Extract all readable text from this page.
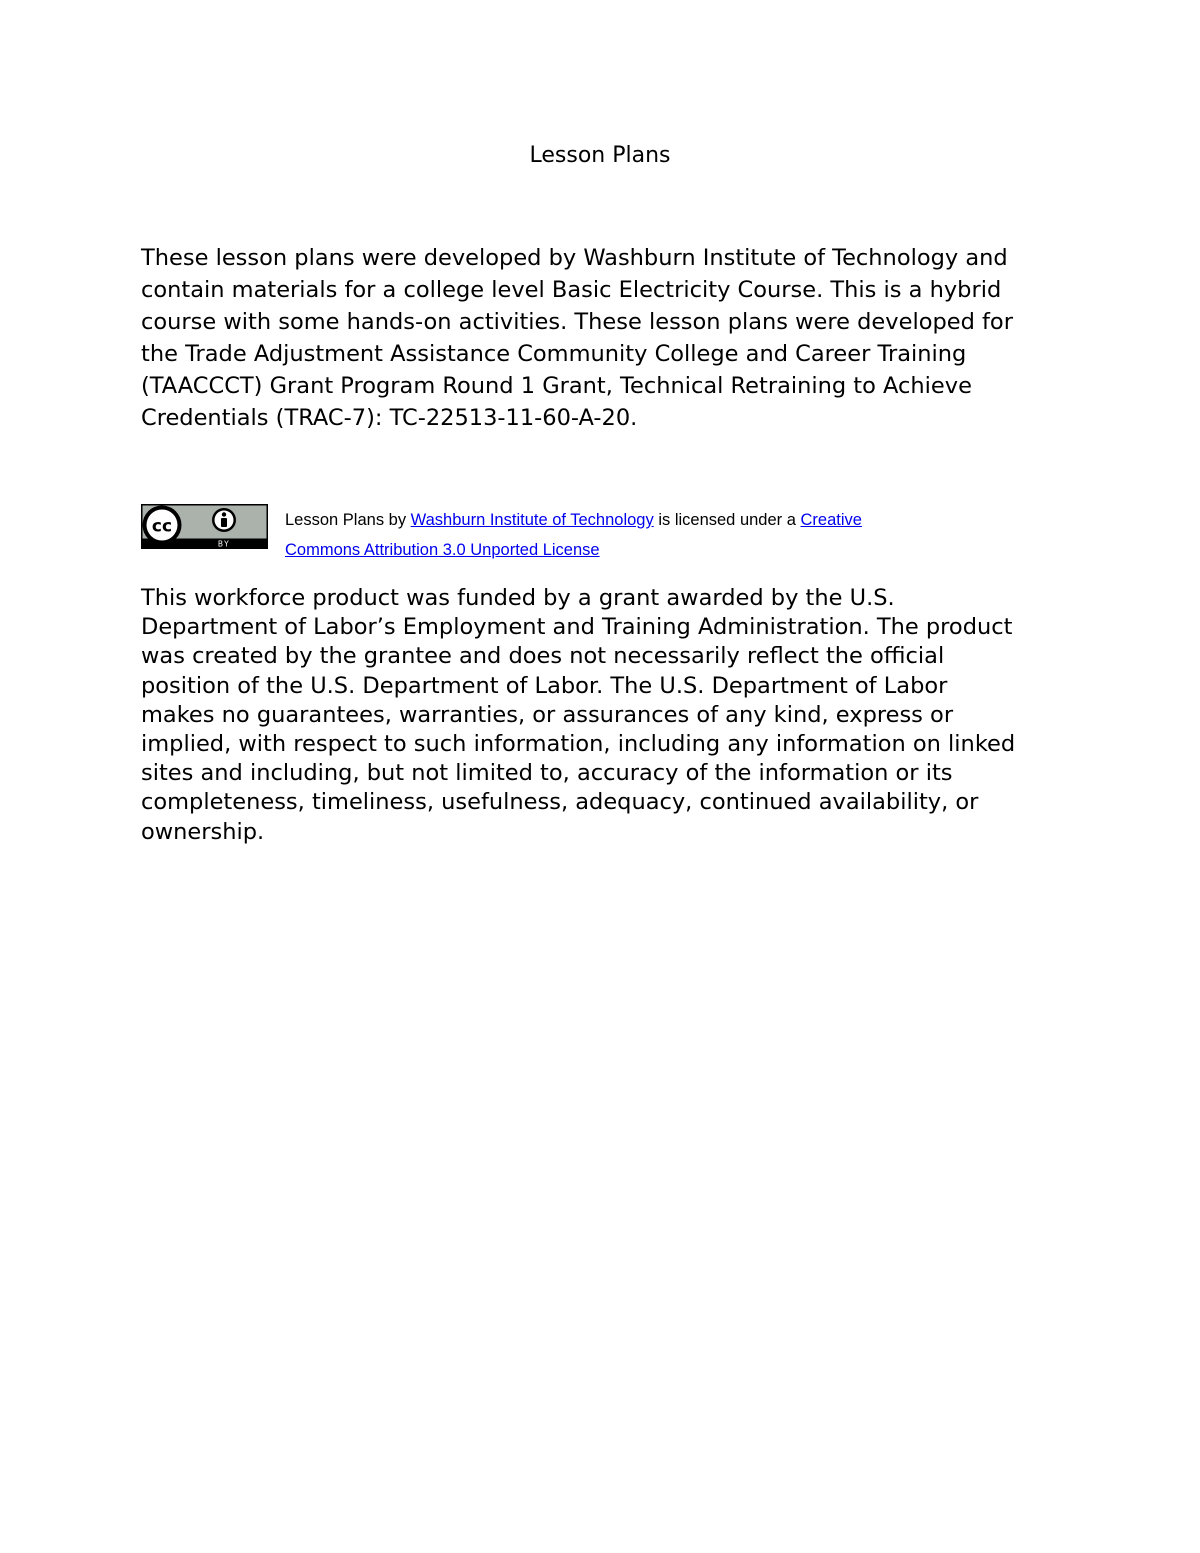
Lesson Plans
These lesson plans were developed by Washburn Institute of Technology and
contain materials for a college level Basic Electricity Course. This is a hybrid
course with some hands-on activities. These lesson plans were developed for
the Trade Adjustment Assistance Community College and Career Training
(TAACCCT) Grant Program Round 1 Grant, Technical Retraining to Achieve
Credentials (TRAC-7): TC-22513-11-60-A-20.
cc
BY
Lesson Plans by Washburn Institute of Technology is licensed under a Creative
Commons Attribution 3.0 Unported License
This workforce product was funded by a grant awarded by the U.S.
Department of Labor’s Employment and Training Administration. The product
was created by the grantee and does not necessarily reflect the official
position of the U.S. Department of Labor. The U.S. Department of Labor
makes no guarantees, warranties, or assurances of any kind, express or
implied, with respect to such information, including any information on linked
sites and including, but not limited to, accuracy of the information or its
completeness, timeliness, usefulness, adequacy, continued availability, or
ownership.
